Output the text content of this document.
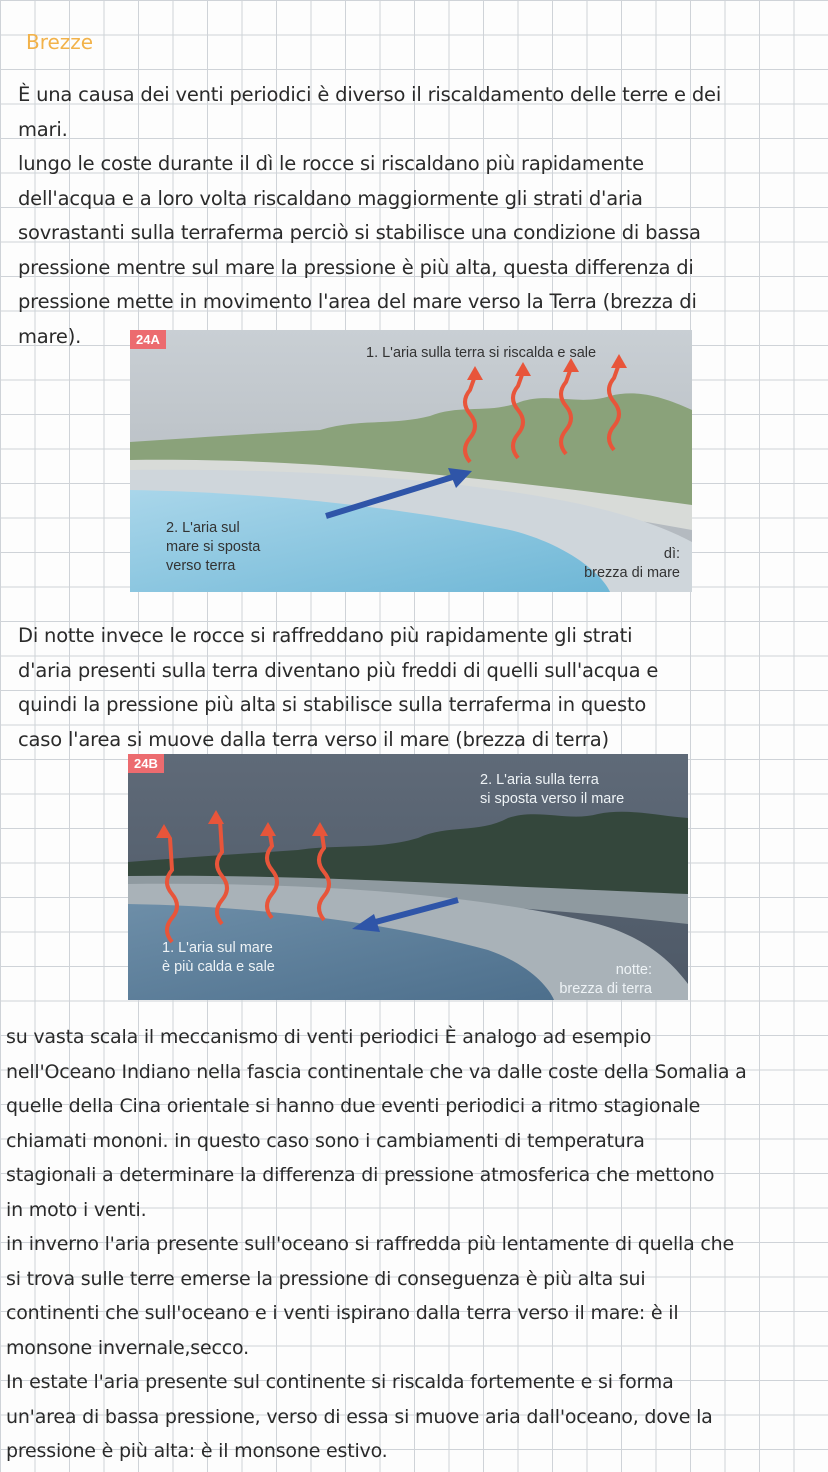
Brezze
È una causa dei venti periodici è diverso il riscaldamento delle terre e dei
mari.
lungo le coste durante il dì le rocce si riscaldano più rapidamente
dell'acqua e a loro volta riscaldano maggiormente gli strati d'aria
sovrastanti sulla terraferma perciò si stabilisce una condizione di bassa
pressione mentre sul mare la pressione è più alta, questa differenza di
pressione mette in movimento l'area del mare verso la Terra (brezza di
mare).	24A
1. L'aria sulla terra si riscalda e sale
2. L'aria sul
mare si sposta
verso terra
dì:
brezza di mare
Di notte invece le rocce si raffreddano più rapidamente gli strati
d'aria presenti sulla terra diventano più freddi di quelli sull'acqua e
quindi la pressione più alta si stabilisce sulla terraferma in questo
caso l'area si muove dalla terra verso il mare (brezza di terra)
24B
2. L'aria sulla terra
si sposta verso il mare
1. L'aria sul mare
è più calda e sale	notte:
brezza di terra
su vasta scala il meccanismo di venti periodici È analogo ad esempio
nell'Oceano Indiano nella fascia continentale che va dalle coste della Somalia a
quelle della Cina orientale si hanno due eventi periodici a ritmo stagionale
chiamati mononi. in questo caso sono i cambiamenti di temperatura
stagionali a determinare la differenza di pressione atmosferica che mettono
in moto i venti.
in inverno l'aria presente sull'oceano si raffredda più lentamente di quella che
si trova sulle terre emerse la pressione di conseguenza è più alta sui
continenti che sull'oceano e i venti ispirano dalla terra verso il mare: è il
monsone invernale,secco.
In estate l'aria presente sul continente si riscalda fortemente e si forma
un'area di bassa pressione, verso di essa si muove aria dall'oceano, dove la
pressione è più alta: è il monsone estivo.
